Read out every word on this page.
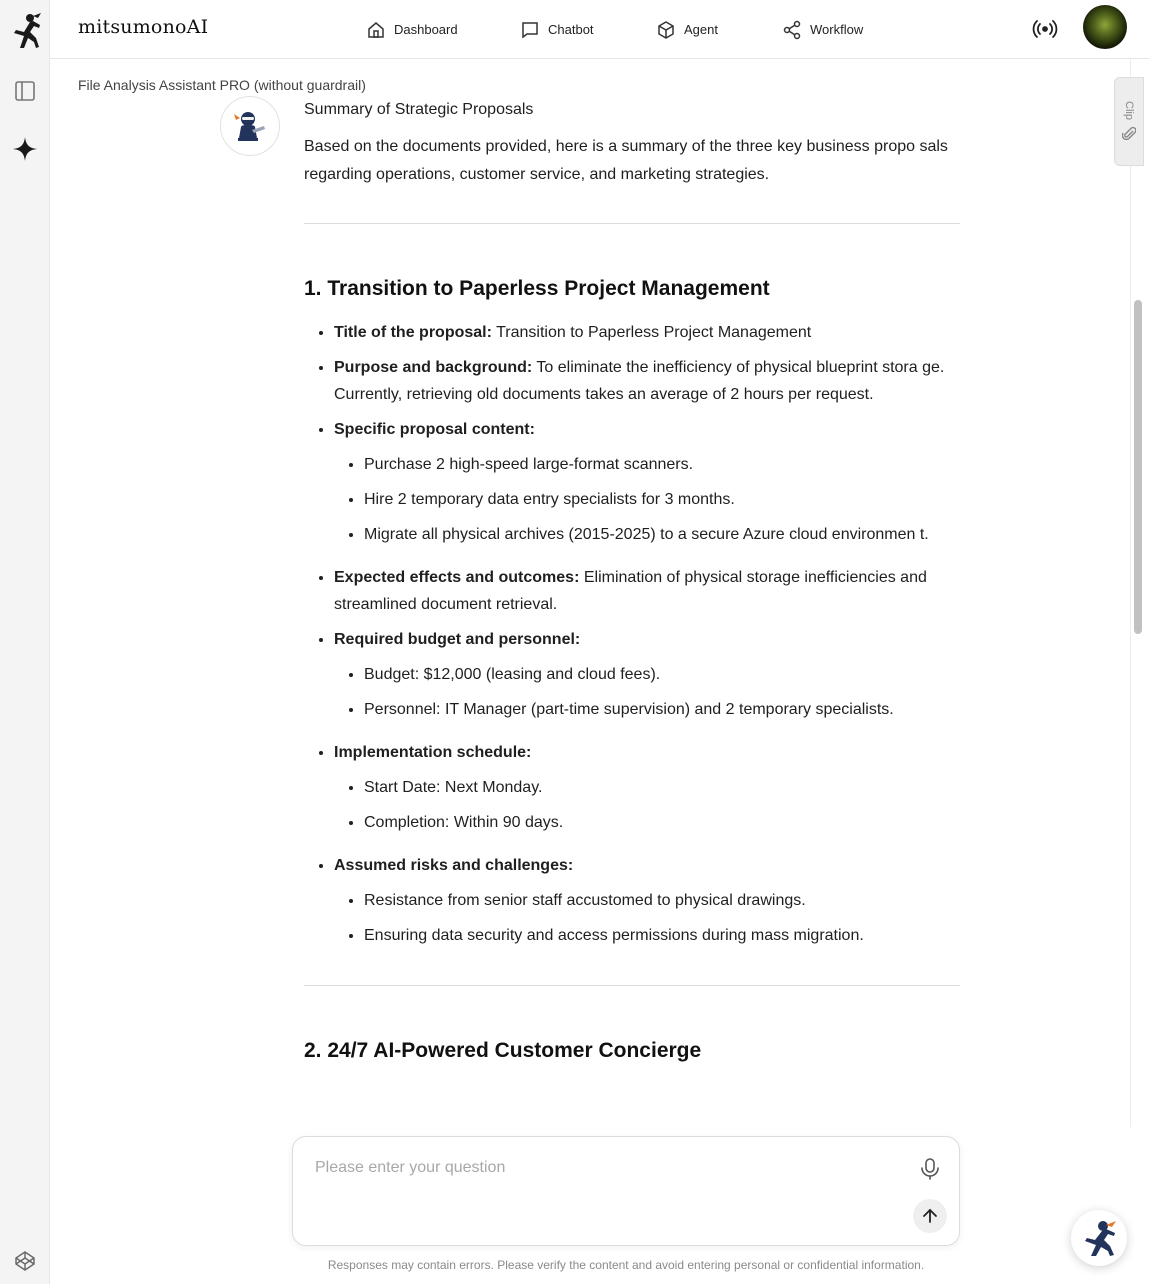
mitsumonoAI	Dashboard	Chatbot	Agent	Workflow
File Analysis Assistant PRO (without guardrail)
Summary of Strategic Proposals
Based on the documents provided, here is a summary of the three key business propo sals regarding operations, customer service, and marketing strategies.
1. Transition to Paperless Project Management
• Title of the proposal: Transition to Paperless Project Management
• Purpose and background: To eliminate the inefficiency of physical blueprint stora ge. Currently, retrieving old documents takes an average of 2 hours per request.
• Specific proposal content:
• Purchase 2 high-speed large-format scanners.
• Hire 2 temporary data entry specialists for 3 months.
• Migrate all physical archives (2015-2025) to a secure Azure cloud environmen t.
• Expected effects and outcomes: Elimination of physical storage inefficiencies and streamlined document retrieval.
• Required budget and personnel:
• Budget: $12,000 (leasing and cloud fees).
• Personnel: IT Manager (part-time supervision) and 2 temporary specialists.
• Implementation schedule:
• Start Date: Next Monday.
• Completion: Within 90 days.
• Assumed risks and challenges:
• Resistance from senior staff accustomed to physical drawings.
• Ensuring data security and access permissions during mass migration.
2. 24/7 AI-Powered Customer Concierge
Clip
Please enter your question
Responses may contain errors. Please verify the content and avoid entering personal or confidential information.
